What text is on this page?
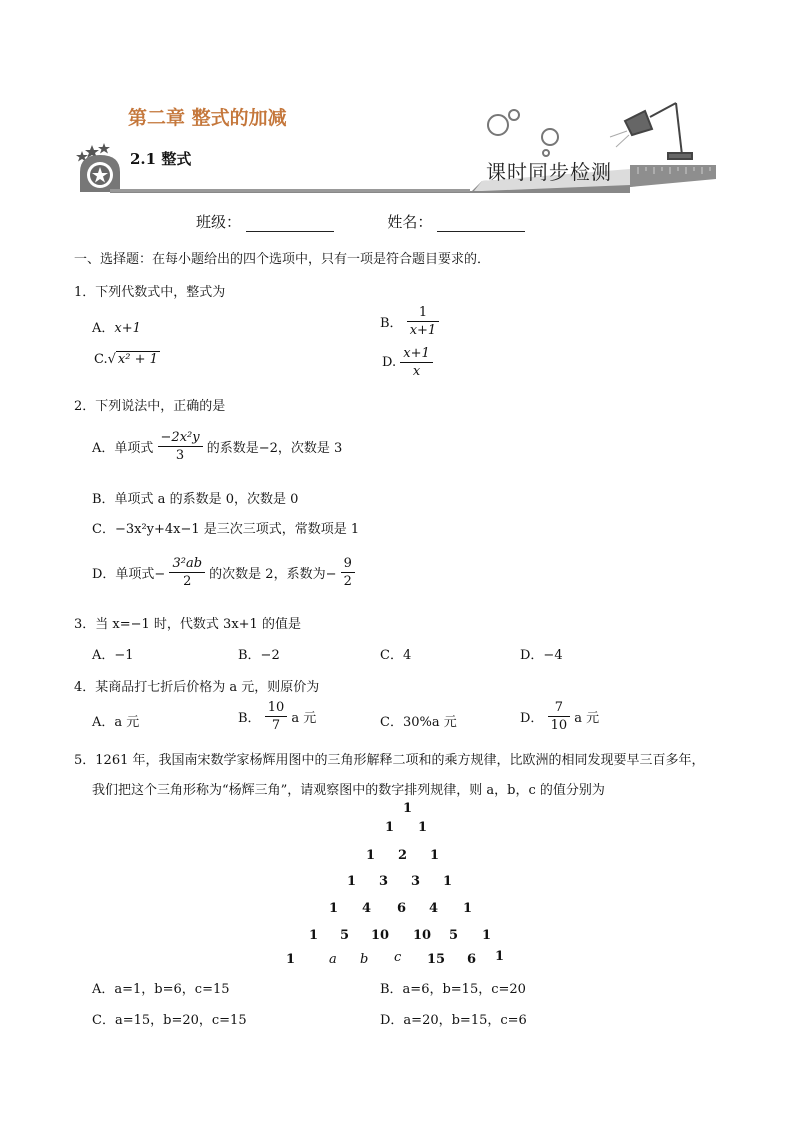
第二章 整式的加减
2.1 整式
课时同步检测
班级：	姓名：
一、选择题：在每小题给出的四个选项中，只有一项是符合题目要求的．
1．下列代数式中，整式为
A．x+1	B． $\frac{1}{x+1}$
C.√ x² + 1	D. $\frac{x+1}{x}$
2．下列说法中，正确的是
A．单项式 $\frac{\text{−2x²y}}{3}$ 的系数是−2，次数是 3
B．单项式 a 的系数是 0，次数是 0
C．−3x²y+4x−1 是三次三项式，常数项是 1
D．单项式− $\frac{\text{3²ab}}{2}$ 的次数是 2，系数为− $\frac{9}{2}$
3．当 x=−1 时，代数式 3x+1 的值是
A．−1	B．−2	C．4	D．−4
4．某商品打七折后价格为 a 元，则原价为
A．a 元	B． $\frac{10}{7}$ a 元	C．30%a 元	D． $\frac{7}{10}$ a 元
5．1261 年，我国南宋数学家杨辉用图中的三角形解释二项和的乘方规律，比欧洲的相同发现要早三百多年，
我们把这个三角形称为“杨辉三角”，请观察图中的数字排列规律，则 a，b，c 的值分别为
1
1 1
1 2 1
1 3 3 1
1 4 6 4 1
1 5 10 10 5 1
1	a b c 15 6 1
A．a=1，b=6，c=15	B．a=6，b=15，c=20
C．a=15，b=20，c=15	D．a=20，b=15，c=6
